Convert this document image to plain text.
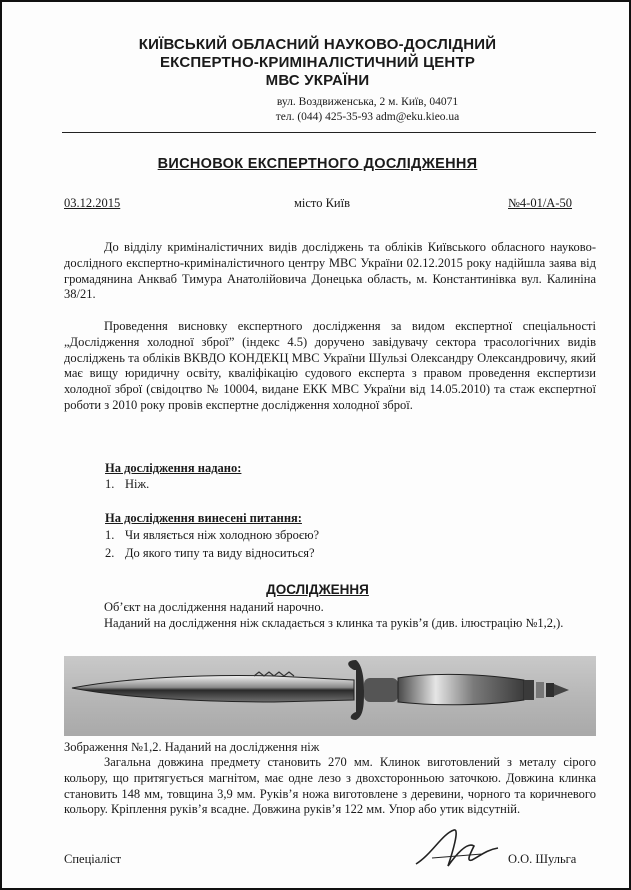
КИЇВСЬКИЙ ОБЛАСНИЙ НАУКОВО-ДОСЛІДНИЙ
ЕКСПЕРТНО-КРИМІНАЛІСТИЧНИЙ ЦЕНТР
МВС УКРАЇНИ
вул. Воздвиженська, 2 м. Київ, 04071
тел. (044) 425-35-93 adm@eku.kieo.ua
ВИСНОВОК ЕКСПЕРТНОГО ДОСЛІДЖЕННЯ
03.12.2015	місто Київ	№4-01/А-50
До відділу криміналістичних видів досліджень та обліків Київського обласного науково-дослідного експертно-криміналістичного центру МВС України 02.12.2015 року надійшла заява від громадянина Анкваб Тимура Анатолійовича Донецька область, м. Константинівка вул. Калиніна 38/21.
Проведення висновку експертного дослідження за видом експертної спеціальності „Дослідження холодної зброї” (індекс 4.5) доручено завідувачу сектора трасологічних видів досліджень та обліків ВКВДО КОНДЕКЦ МВС України Шульзі Олександру Олександровичу, який має вищу юридичну освіту, кваліфікацію судового експерта з правом проведення експертизи холодної зброї (свідоцтво № 10004, видане ЕКК МВС України від 14.05.2010) та стаж експертної роботи з 2010 року провів експертне дослідження холодної зброї.
На дослідження надано:
1. Ніж.
На дослідження винесені питання:
1. Чи являється ніж холодною зброєю?
2. До якого типу та виду відноситься?
ДОСЛІДЖЕННЯ
Об’єкт на дослідження наданий нарочно.
Наданий на дослідження ніж складається з клинка та руків’я (див. ілюстрацію №1,2,).
Зображення №1,2. Наданий на дослідження ніж
Загальна довжина предмету становить 270 мм. Клинок виготовлений з металу сірого кольору, що притягується магнітом, має одне лезо з двохсторонньою заточкою. Довжина клинка становить 148 мм, товщина 3,9 мм. Руків’я ножа виготовлене з деревини, чорного та коричневого кольору. Кріплення руків’я всадне. Довжина руків’я 122 мм. Упор або утик відсутній.
Спеціаліст	О.О. Шульга
